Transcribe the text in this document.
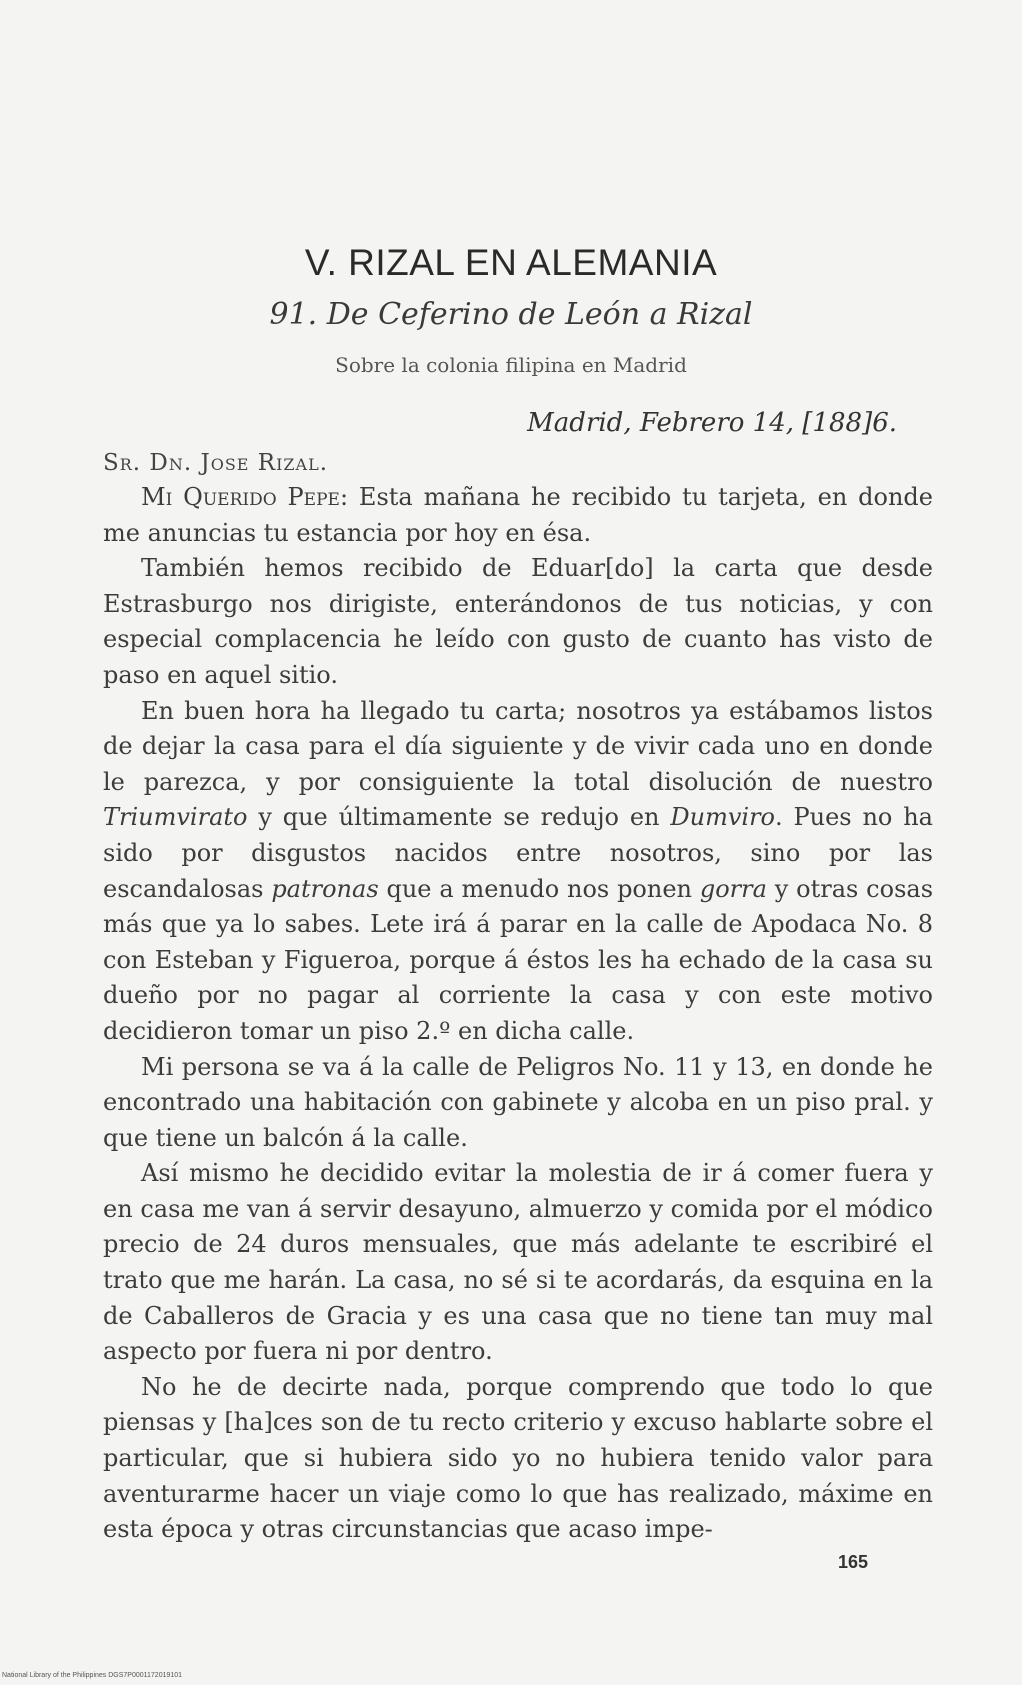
V. RIZAL EN ALEMANIA
91. De Ceferino de León a Rizal
Sobre la colonia filipina en Madrid
Madrid, Febrero 14, [188]6.
Sr. Dn. Jose Rizal.

Mi Querido Pepe: Esta mañana he recibido tu tarjeta, en donde me anuncias tu estancia por hoy en ésa.

También hemos recibido de Eduar[do] la carta que desde Estrasburgo nos dirigiste, enterándonos de tus noticias, y con especial complacencia he leído con gusto de cuanto has visto de paso en aquel sitio.

En buen hora ha llegado tu carta; nosotros ya estábamos listos de dejar la casa para el día siguiente y de vivir cada uno en donde le parezca, y por consiguiente la total disolución de nuestro Triumvirato y que últimamente se redujo en Dumviro. Pues no ha sido por disgustos nacidos entre nosotros, sino por las escandalosas patronas que a menudo nos ponen gorra y otras cosas más que ya lo sabes. Lete irá á parar en la calle de Apodaca No. 8 con Esteban y Figueroa, porque á éstos les ha echado de la casa su dueño por no pagar al corriente la casa y con este motivo decidieron tomar un piso 2.º en dicha calle.

Mi persona se va á la calle de Peligros No. 11 y 13, en donde he encontrado una habitación con gabinete y alcoba en un piso pral. y que tiene un balcón á la calle.

Así mismo he decidido evitar la molestia de ir á comer fuera y en casa me van á servir desayuno, almuerzo y comida por el módico precio de 24 duros mensuales, que más adelante te escribiré el trato que me harán. La casa, no sé si te acordarás, da esquina en la de Caballeros de Gracia y es una casa que no tiene tan muy mal aspecto por fuera ni por dentro.

No he de decirte nada, porque comprendo que todo lo que piensas y [ha]ces son de tu recto criterio y excuso hablarte sobre el particular, que si hubiera sido yo no hubiera tenido valor para aventurarme hacer un viaje como lo que has realizado, máxime en esta época y otras circunstancias que acaso impe-

165
National Library of the Philippines DGS7P0001172019101
